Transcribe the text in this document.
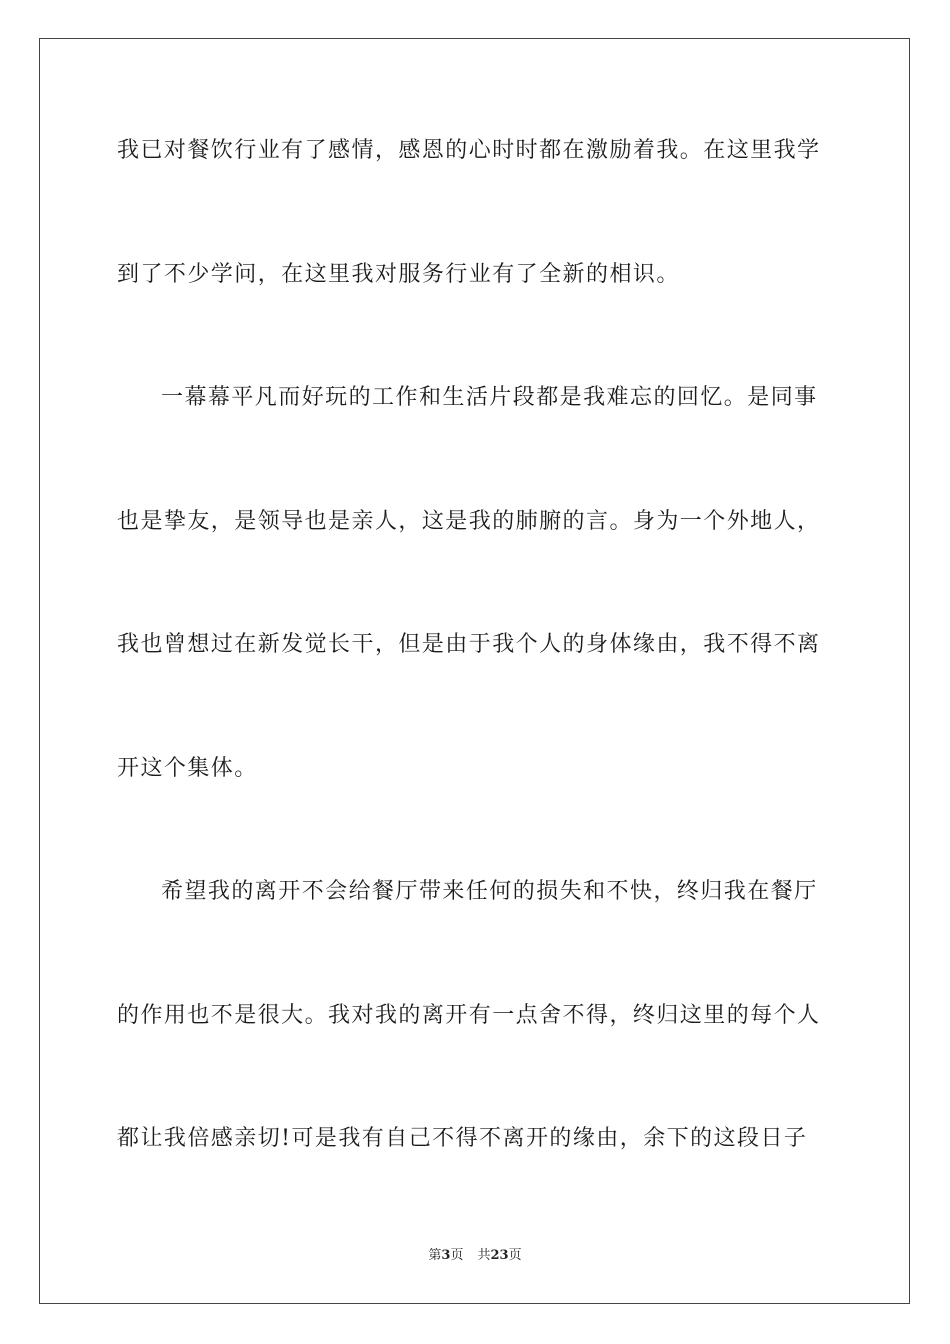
我已对餐饮行业有了感情，感恩的心时时都在激励着我。在这里我学
到了不少学问，在这里我对服务行业有了全新的相识。
一幕幕平凡而好玩的工作和生活片段都是我难忘的回忆。是同事
也是挚友，是领导也是亲人，这是我的肺腑的言。身为一个外地人，
我也曾想过在新发觉长干，但是由于我个人的身体缘由，我不得不离
开这个集体。
希望我的离开不会给餐厅带来任何的损失和不快，终归我在餐厅
的作用也不是很大。我对我的离开有一点舍不得，终归这里的每个人
都让我倍感亲切!可是我有自己不得不离开的缘由，余下的这段日子
第3页 共23页
